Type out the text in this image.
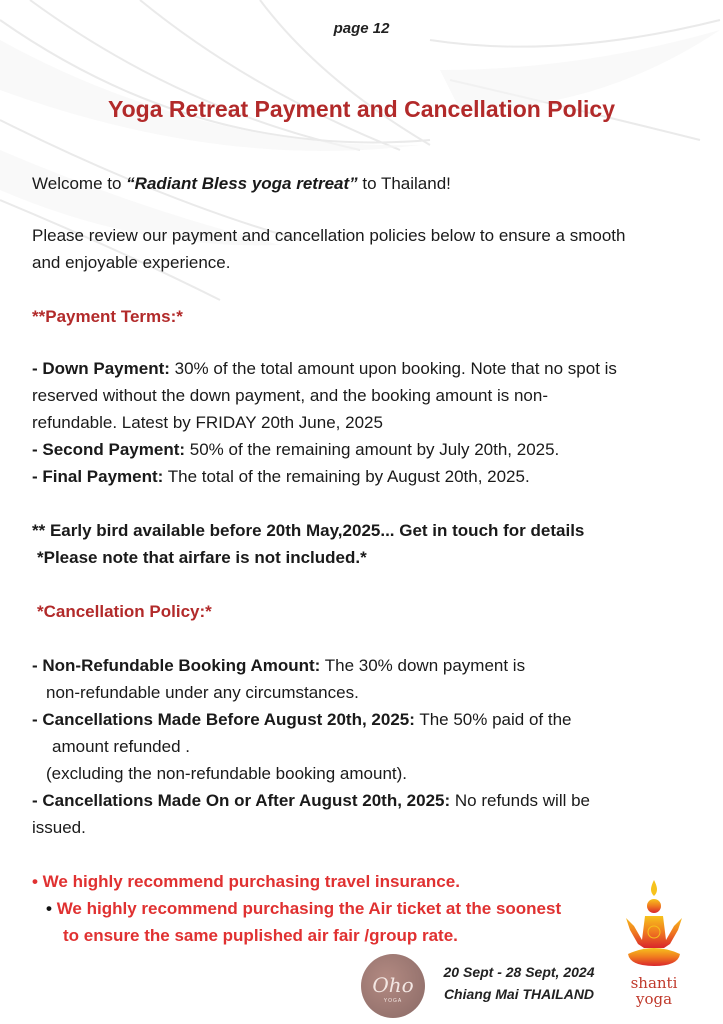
page 12
Yoga Retreat Payment and Cancellation Policy

Welcome to “Radiant Bless yoga retreat” to Thailand!

Please review our payment and cancellation policies below to ensure a smooth

and enjoyable experience.

**Payment Terms:*

- Down Payment: 30% of the total amount upon booking. Note that no spot is

reserved without the down payment, and the booking amount is non-

refundable. Latest by FRIDAY 20th June, 2025

- Second Payment: 50% of the remaining amount by July 20th, 2025.

- Final Payment: The total of the remaining by August 20th, 2025.

** Early bird available before 20th May,2025... Get in touch for details

*Please note that airfare is not included.*

*Cancellation Policy:*

- Non-Refundable Booking Amount: The 30% down payment is

non-refundable under any circumstances.

- Cancellations Made Before August 20th, 2025: The 50% paid of the

amount refunded .

(excluding the non-refundable booking amount).

- Cancellations Made On or After August 20th, 2025: No refunds will be

issued.

• We highly recommend purchasing travel insurance.

• We highly recommend purchasing the Air ticket at the soonest

to ensure the same puplished air fair /group rate.

Oho
YOGA
20 Sept - 28 Sept, 2024
Chiang Mai THAILAND
shanti
yoga
